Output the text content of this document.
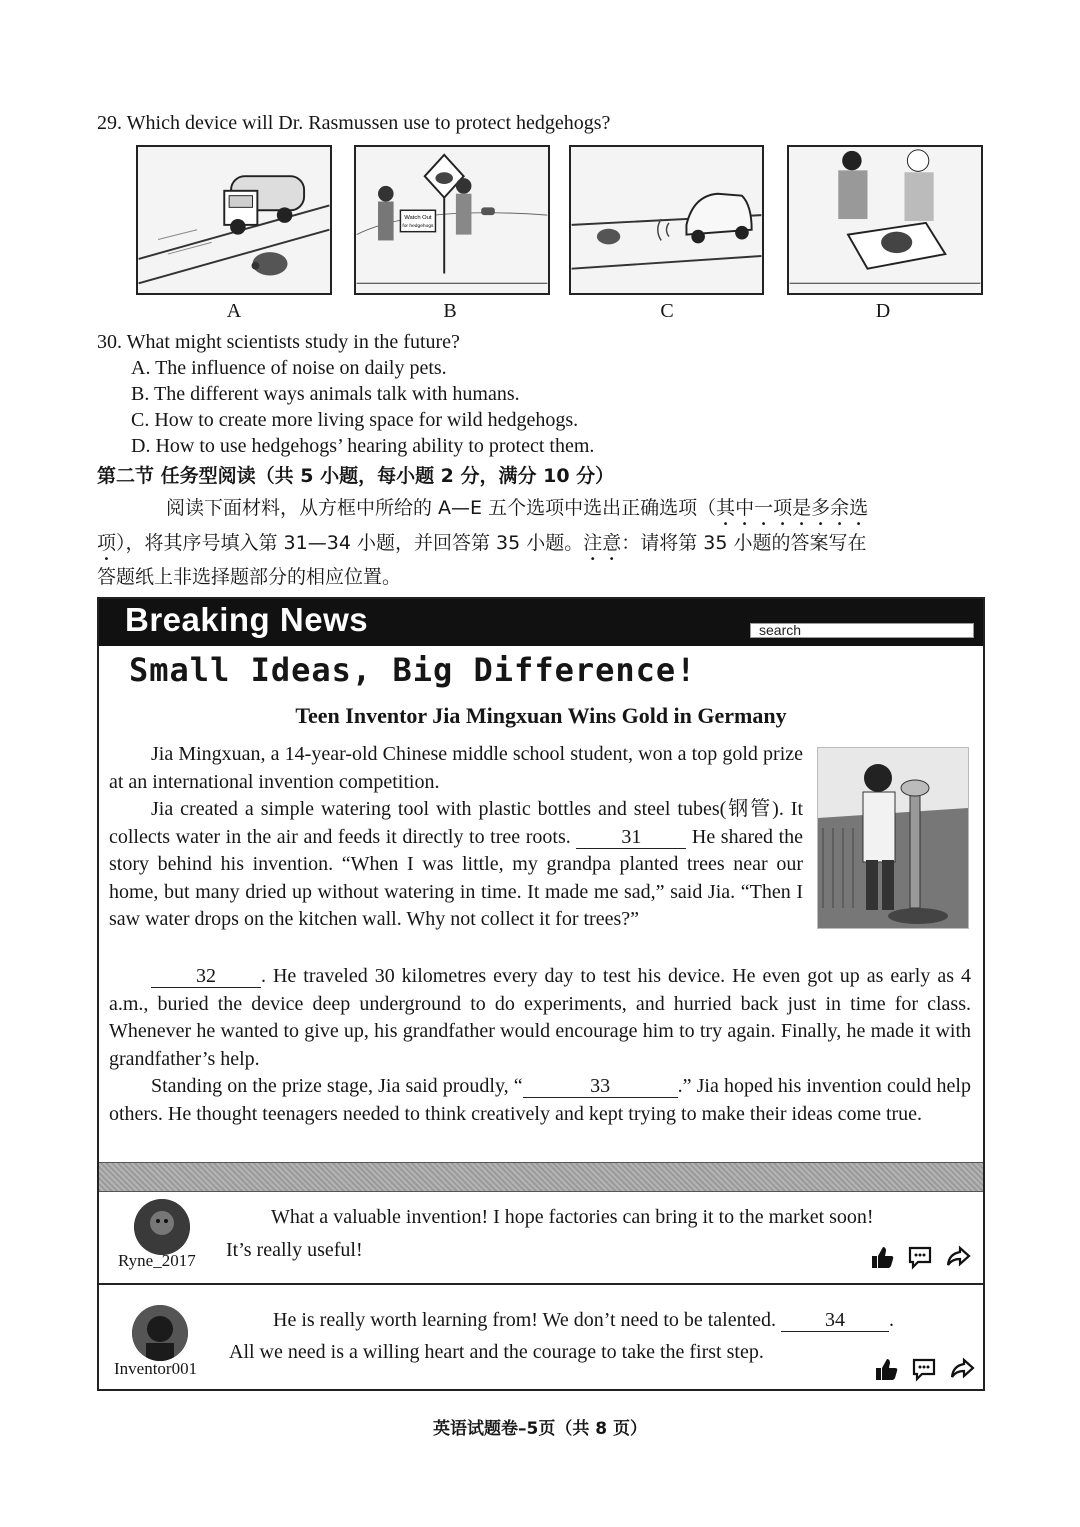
29. Which device will Dr. Rasmussen use to protect hedgehogs?
Watch Out
for hedgehogs
A	B	C	D
30. What might scientists study in the future?
A. The influence of noise on daily pets.
B. The different ways animals talk with humans.
C. How to create more living space for wild hedgehogs.
D. How to use hedgehogs’ hearing ability to protect them.
第二节 任务型阅读（共 5 小题，每小题 2 分，满分 10 分）
阅读下面材料，从方框中所给的 A—E 五个选项中选出正确选项（其中一项是多余选
项），将其序号填入第 31—34 小题，并回答第 35 小题。注意：请将第 35 小题的答案写在
答题纸上非选择题部分的相应位置。
Breaking News	search
Small Ideas, Big Difference!
Teen Inventor Jia Mingxuan Wins Gold in Germany
Jia Mingxuan, a 14-year-old Chinese middle school student, won a top gold prize at an international invention competition.
Jia created a simple watering tool with plastic bottles and steel tubes(钢管). It collects water in the air and feeds it directly to tree roots.	31	He shared the story behind his invention. “When I was little, my grandpa planted trees near our home, but many dried up without watering in time. It made me sad,” said Jia. “Then I saw water drops on the kitchen wall. Why not collect it for trees?”
32 . He traveled 30 kilometres every day to test his device. He even got up as early as 4 a.m., buried the device deep underground to do experiments, and hurried back just in time for class. Whenever he wanted to give up, his grandfather would encourage him to try again. Finally, he made it with grandfather’s help.
Standing on the prize stage, Jia said proudly, “	33	.” Jia hoped his invention could help others. He thought teenagers needed to think creatively and kept trying to make their ideas come true.
Ryne_2017
What a valuable invention! I hope factories can bring it to the market soon!
It’s really useful!
Inventor001
He is really worth learning from! We don’t need to be talented. 34 .
All we need is a willing heart and the courage to take the first step.
英语试题卷–5页（共 8 页）
